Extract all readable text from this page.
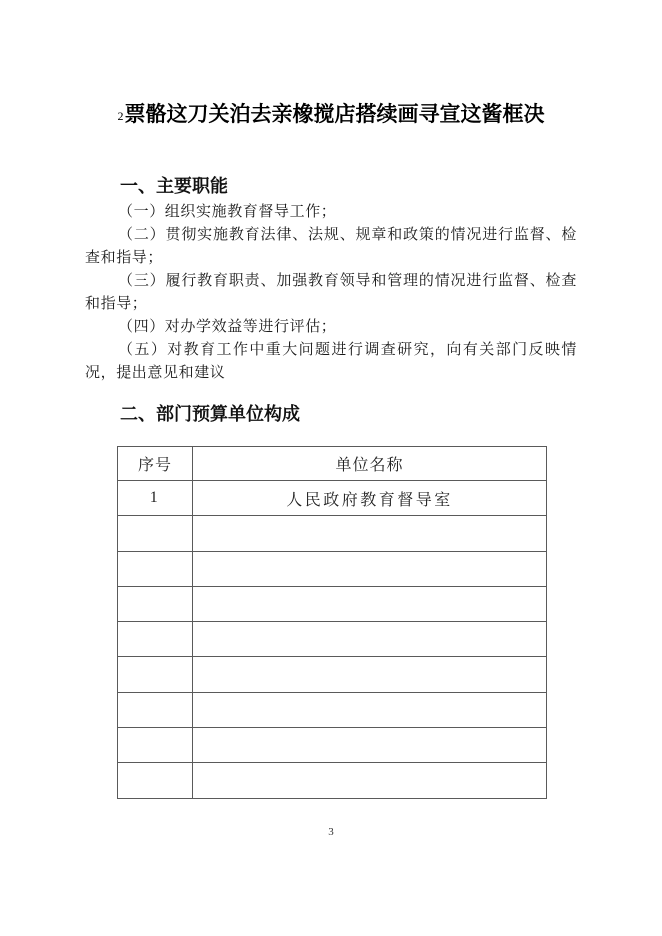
2票骼这刀关泊去亲橡搅店搭续画寻宣这酱框决
一、主要职能

（一）组织实施教育督导工作；

（二）贯彻实施教育法律、法规、规章和政策的情况进行监督、检查和指导；

（三）履行教育职责、加强教育领导和管理的情况进行监督、检查和指导；

（四）对办学效益等进行评估；

（五）对教育工作中重大问题进行调查研究，向有关部门反映情况，提出意见和建议

二、部门预算单位构成
序号	单位名称
1	人民政府教育督导室

3
